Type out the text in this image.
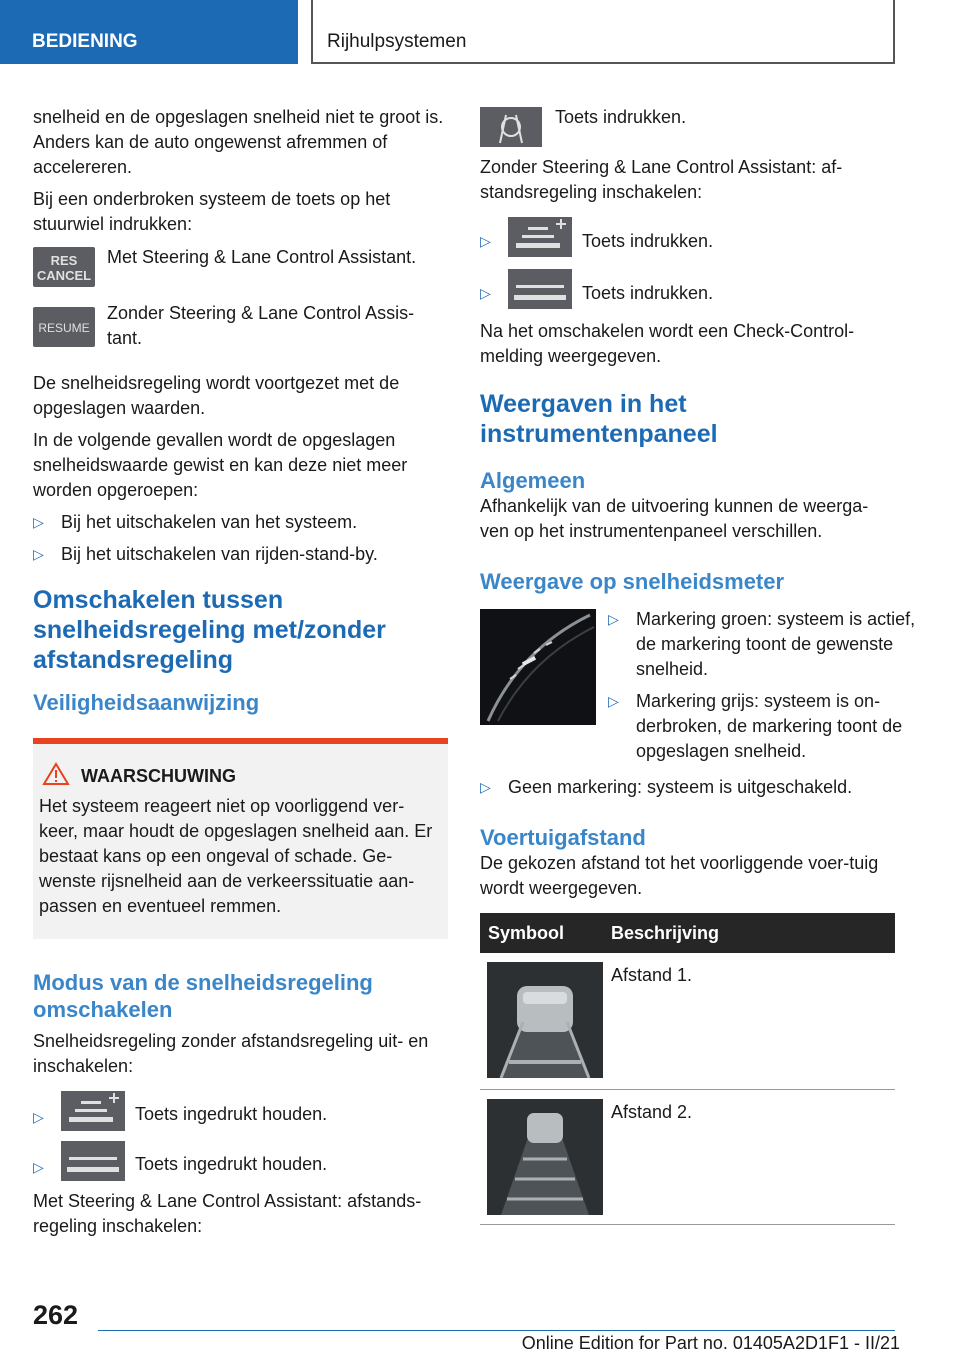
BEDIENING	Rijhulpsystemen

snelheid en de opgeslagen snelheid niet te groot is. Anders kan de auto ongewenst afremmen of accelereren.

Bij een onderbroken systeem de toets op het stuurwiel indrukken:

RES
CANCEL
Met Steering & Lane Control Assistant.
RESUME
Zonder Steering & Lane Control Assis-tant.

De snelheidsregeling wordt voortgezet met de opgeslagen waarden.

In de volgende gevallen wordt de opgeslagen snelheidswaarde gewist en kan deze niet meer worden opgeroepen:

▷ Bij het uitschakelen van het systeem.
▷ Bij het uitschakelen van rijden-stand-by.
Omschakelen tussen snelheidsregeling met/zonder afstandsregeling
Veiligheidsaanwijzing
WAARSCHUWING
Het systeem reageert niet op voorliggend ver-keer, maar houdt de opgeslagen snelheid aan. Er bestaat kans op een ongeval of schade. Ge-wenste rijsnelheid aan de verkeerssituatie aan-passen en eventueel remmen.
Modus van de snelheidsregeling omschakelen

Snelheidsregeling zonder afstandsregeling uit- en inschakelen:

▷	Toets ingedrukt houden.
▷	Toets ingedrukt houden.

Met Steering & Lane Control Assistant: afstands-regeling inschakelen:

Toets indrukken.

Zonder Steering & Lane Control Assistant: af-standsregeling inschakelen:

▷	Toets indrukken.
▷	Toets indrukken.

Na het omschakelen wordt een Check-Control-melding weergegeven.

Weergaven in het instrumentenpaneel
Algemeen

Afhankelijk van de uitvoering kunnen de weerga-ven op het instrumentenpaneel verschillen.

Weergave op snelheidsmeter
▷ Markering groen: systeem is actief, de markering toont de gewenste snelheid.
▷ Markering grijs: systeem is on-derbroken, de markering toont de opgeslagen snelheid.
▷ Geen markering: systeem is uitgeschakeld.
Voertuigafstand

De gekozen afstand tot het voorliggende voer-tuig wordt weergegeven.

Symbool	Beschrijving
Afstand 1.
Afstand 2.
262
Online Edition for Part no. 01405A2D1F1 - II/21
